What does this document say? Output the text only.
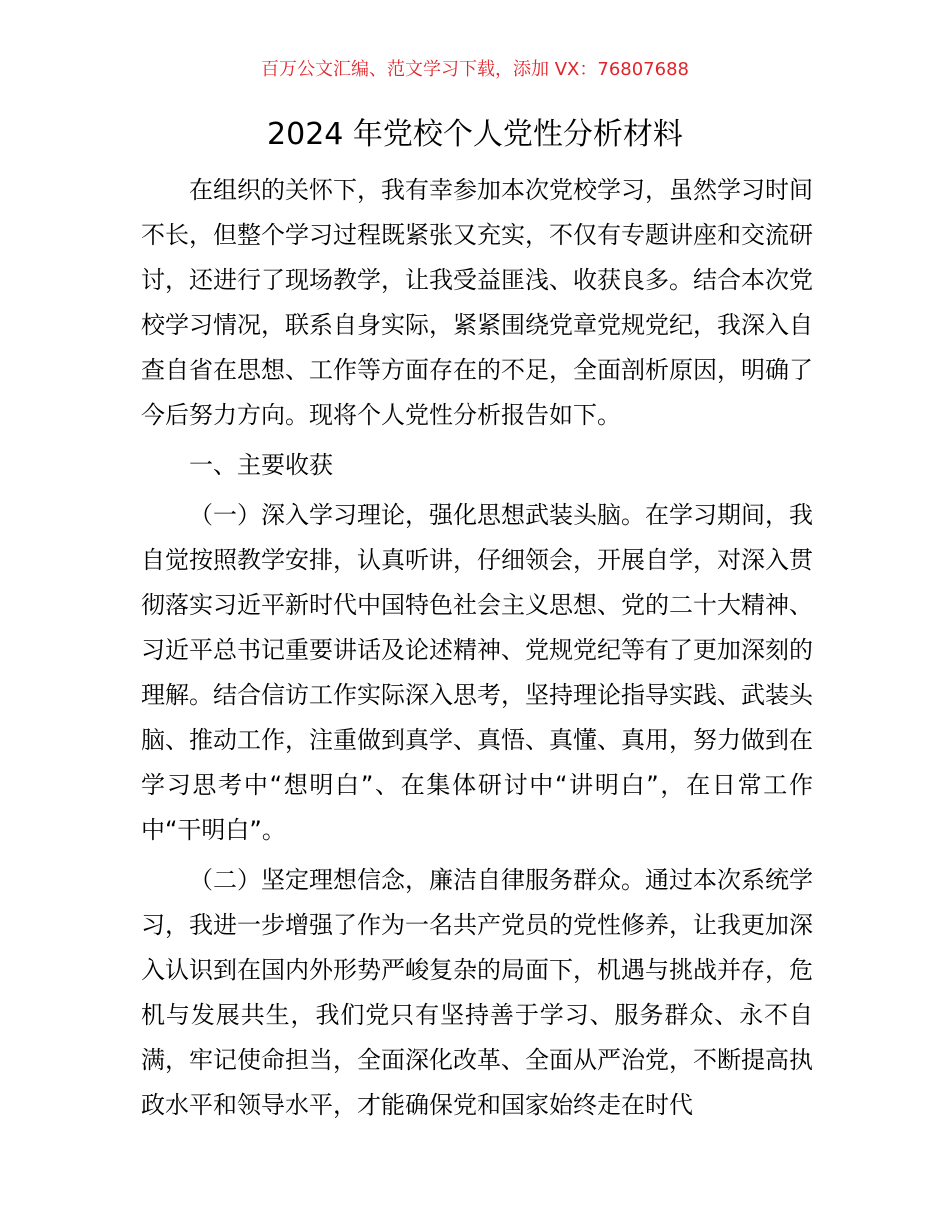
百万公文汇编、范文学习下载，添加 VX：76807688
2024 年党校个人党性分析材料

在组织的关怀下，我有幸参加本次党校学习，虽然学习时间不长，但整个学习过程既紧张又充实，不仅有专题讲座和交流研讨，还进行了现场教学，让我受益匪浅、收获良多。结合本次党校学习情况，联系自身实际，紧紧围绕党章党规党纪，我深入自查自省在思想、工作等方面存在的不足，全面剖析原因，明确了今后努力方向。现将个人党性分析报告如下。

一、主要收获

（一）深入学习理论，强化思想武装头脑。在学习期间，我自觉按照教学安排，认真听讲，仔细领会，开展自学，对深入贯彻落实习近平新时代中国特色社会主义思想、党的二十大精神、习近平总书记重要讲话及论述精神、党规党纪等有了更加深刻的理解。结合信访工作实际深入思考，坚持理论指导实践、武装头脑、推动工作，注重做到真学、真悟、真懂、真用，努力做到在学习思考中“想明白”、在集体研讨中“讲明白”，在日常工作中“干明白”。

（二）坚定理想信念，廉洁自律服务群众。通过本次系统学习，我进一步增强了作为一名共产党员的党性修养，让我更加深入认识到在国内外形势严峻复杂的局面下，机遇与挑战并存，危机与发展共生，我们党只有坚持善于学习、服务群众、永不自满，牢记使命担当，全面深化改革、全面从严治党，不断提高执政水平和领导水平，才能确保党和国家始终走在时代
